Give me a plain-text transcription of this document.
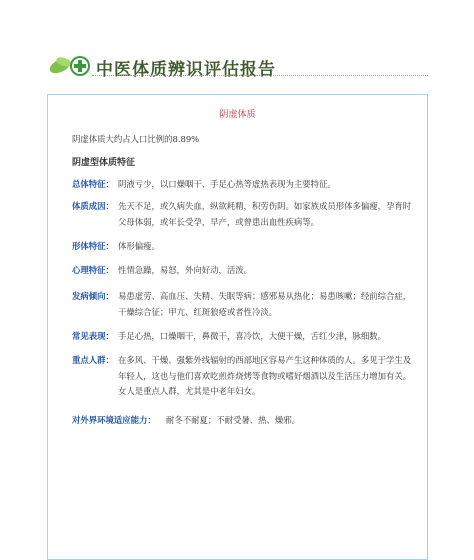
中医体质辨识评估报告
阴虚体质
阴虚体质大约占人口比例的8.89%
阴虚型体质特征
总体特征： 阴液亏少，以口燥咽干、手足心热等虚热表现为主要特征。
体质成因： 先天不足，或久病失血，纵欲耗精，积劳伤阴。如家族成员形体多偏瘦，孕育时父母体弱，或年长受孕，早产，或曾患出血性疾病等。
形体特征： 体形偏瘦。
心理特征： 性情急躁，易怒，外向好动，活泼。
发病倾向： 易患虚劳、高血压、失精、失眠等病；感邪易从热化；易患咳嗽；经前综合症，干燥综合征；甲亢、红斑狼疮或者性冷淡。
常见表现： 手足心热，口燥咽干，鼻微干，喜冷饮，大便干燥，舌红少津，脉细数。
重点人群： 在多风、干燥、强紫外线辐射的西部地区容易产生这种体质的人。多见于学生及年轻人，这也与他们喜欢吃煎炸烧烤等食物或嗜好烟酒以及生活压力增加有关。女人是重点人群，尤其是中老年妇女。
对外界环境适应能力：	耐冬不耐夏；不耐受暑、热、燥邪。
